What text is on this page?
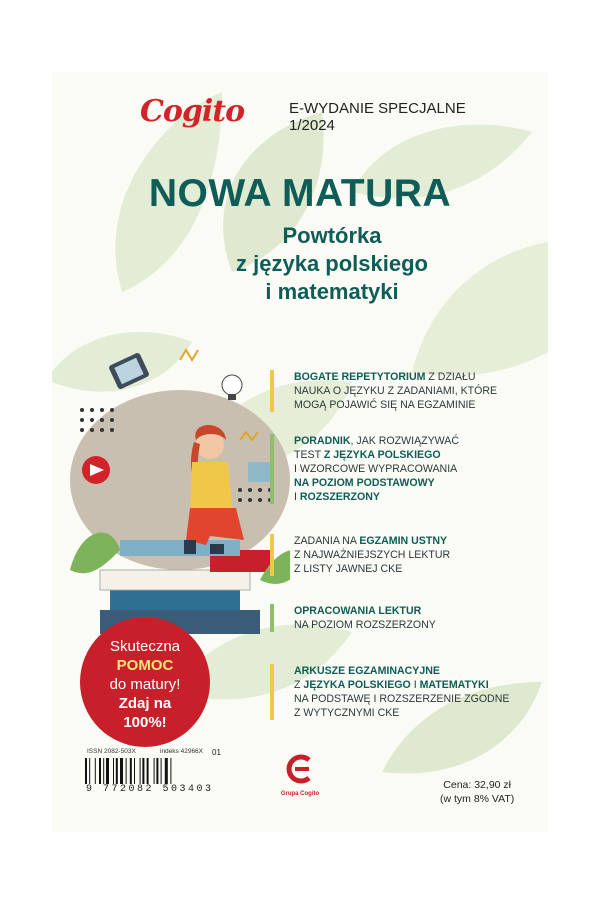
Cogito	E-WYDANIE SPECJALNE
1/2024
NOWA MATURA
Powtórka
z języka polskiego
i matematyki
BOGATE REPETYTORIUM Z DZIAŁU
NAUKA O JĘZYKU Z ZADANIAMI, KTÓRE
MOGĄ POJAWIĆ SIĘ NA EGZAMINIE
PORADNIK, JAK ROZWIĄZYWAĆ
TEST Z JĘZYKA POLSKIEGO
I WZORCOWE WYPRACOWANIA
NA POZIOM PODSTAWOWY
I ROZSZERZONY
ZADANIA NA EGZAMIN USTNY
Z NAJWAŻNIEJSZYCH LEKTUR
Z LISTY JAWNEJ CKE
OPRACOWANIA LEKTUR
NA POZIOM ROZSZERZONY
ARKUSZE EGZAMINACYJNE
Z JĘZYKA POLSKIEGO I MATEMATYKI
NA PODSTAWĘ I ROZSZERZENIE ZGODNE
Z WYTYCZNYMI CKE
Skuteczna
POMOC
do matury!
Zdaj na
100%!
ISSN 2082-503X	indeks 42966X
9 772082 503403
01
Grupa Cogito
Cena: 32,90 zł
(w tym 8% VAT)
